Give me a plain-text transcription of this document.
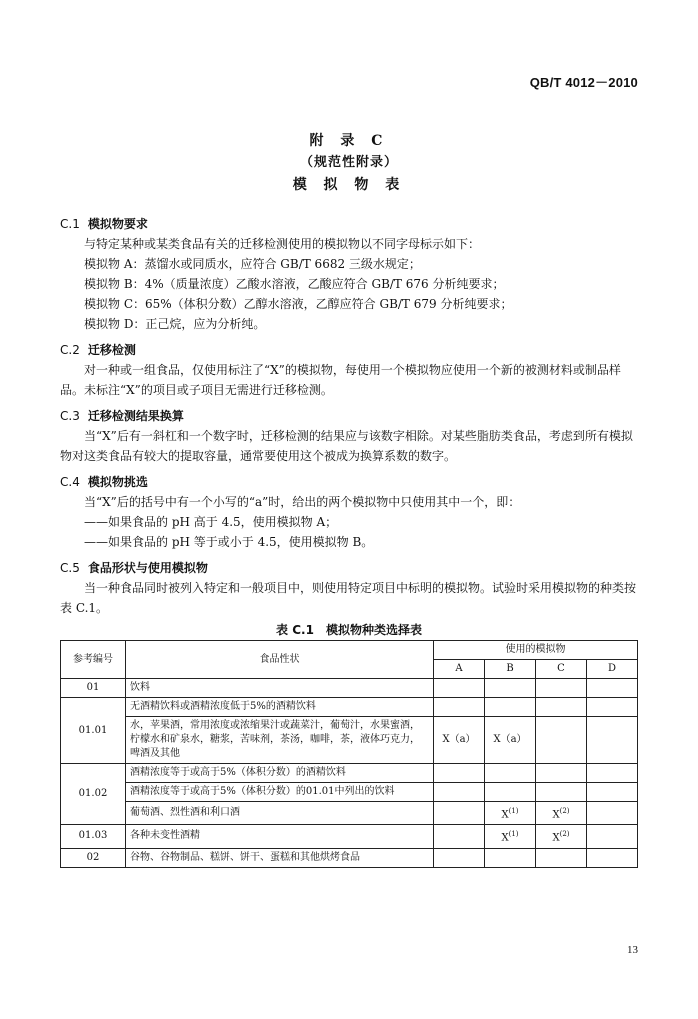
QB/T 4012－2010
附 录 C
（规范性附录）
模 拟 物 表
C.1 模拟物要求
与特定某种或某类食品有关的迁移检测使用的模拟物以不同字母标示如下：
模拟物 A：蒸馏水或同质水，应符合 GB/T 6682 三级水规定；
模拟物 B：4%（质量浓度）乙酸水溶液，乙酸应符合 GB/T 676 分析纯要求；
模拟物 C：65%（体积分数）乙醇水溶液，乙醇应符合 GB/T 679 分析纯要求；
模拟物 D：正己烷，应为分析纯。
C.2 迁移检测
对一种或一组食品，仅使用标注了“X”的模拟物，每使用一个模拟物应使用一个新的被测材料或制品样品。未标注“X”的项目或子项目无需进行迁移检测。
C.3 迁移检测结果换算
当“X”后有一斜杠和一个数字时，迁移检测的结果应与该数字相除。对某些脂肪类食品，考虑到所有模拟物对这类食品有较大的提取容量，通常要使用这个被成为换算系数的数字。
C.4 模拟物挑选
当“X”后的括号中有一个小写的“a”时，给出的两个模拟物中只使用其中一个，即：
——如果食品的 pH 高于 4.5，使用模拟物 A；
——如果食品的 pH 等于或小于 4.5，使用模拟物 B。
C.5 食品形状与使用模拟物
当一种食品同时被列入特定和一般项目中，则使用特定项目中标明的模拟物。试验时采用模拟物的种类按表 C.1。
表 C.1　模拟物种类选择表
参考编号	食品性状	使用的模拟物			
		A	B	C	D
01	饮料				
01.01	无酒精饮料或酒精浓度低于5%的酒精饮料				
	水，苹果酒，常用浓度或浓缩果汁或蔬菜汁，葡萄汁，水果蜜酒，柠檬水和矿泉水，糖浆，苦味剂，茶汤，咖啡，茶，液体巧克力，啤酒及其他	X（a）	X（a）		
01.02	酒精浓度等于或高于5%（体积分数）的酒精饮料				
	酒精浓度等于或高于5%（体积分数）的01.01中列出的饮料				
	葡萄酒、烈性酒和利口酒		$X^{(1)}$	$X^{(2)}$	
01.03	各种未变性酒精		$X^{(1)}$	$X^{(2)}$	
02	谷物、谷物制品、糕饼、饼干、蛋糕和其他烘烤食品				
13
